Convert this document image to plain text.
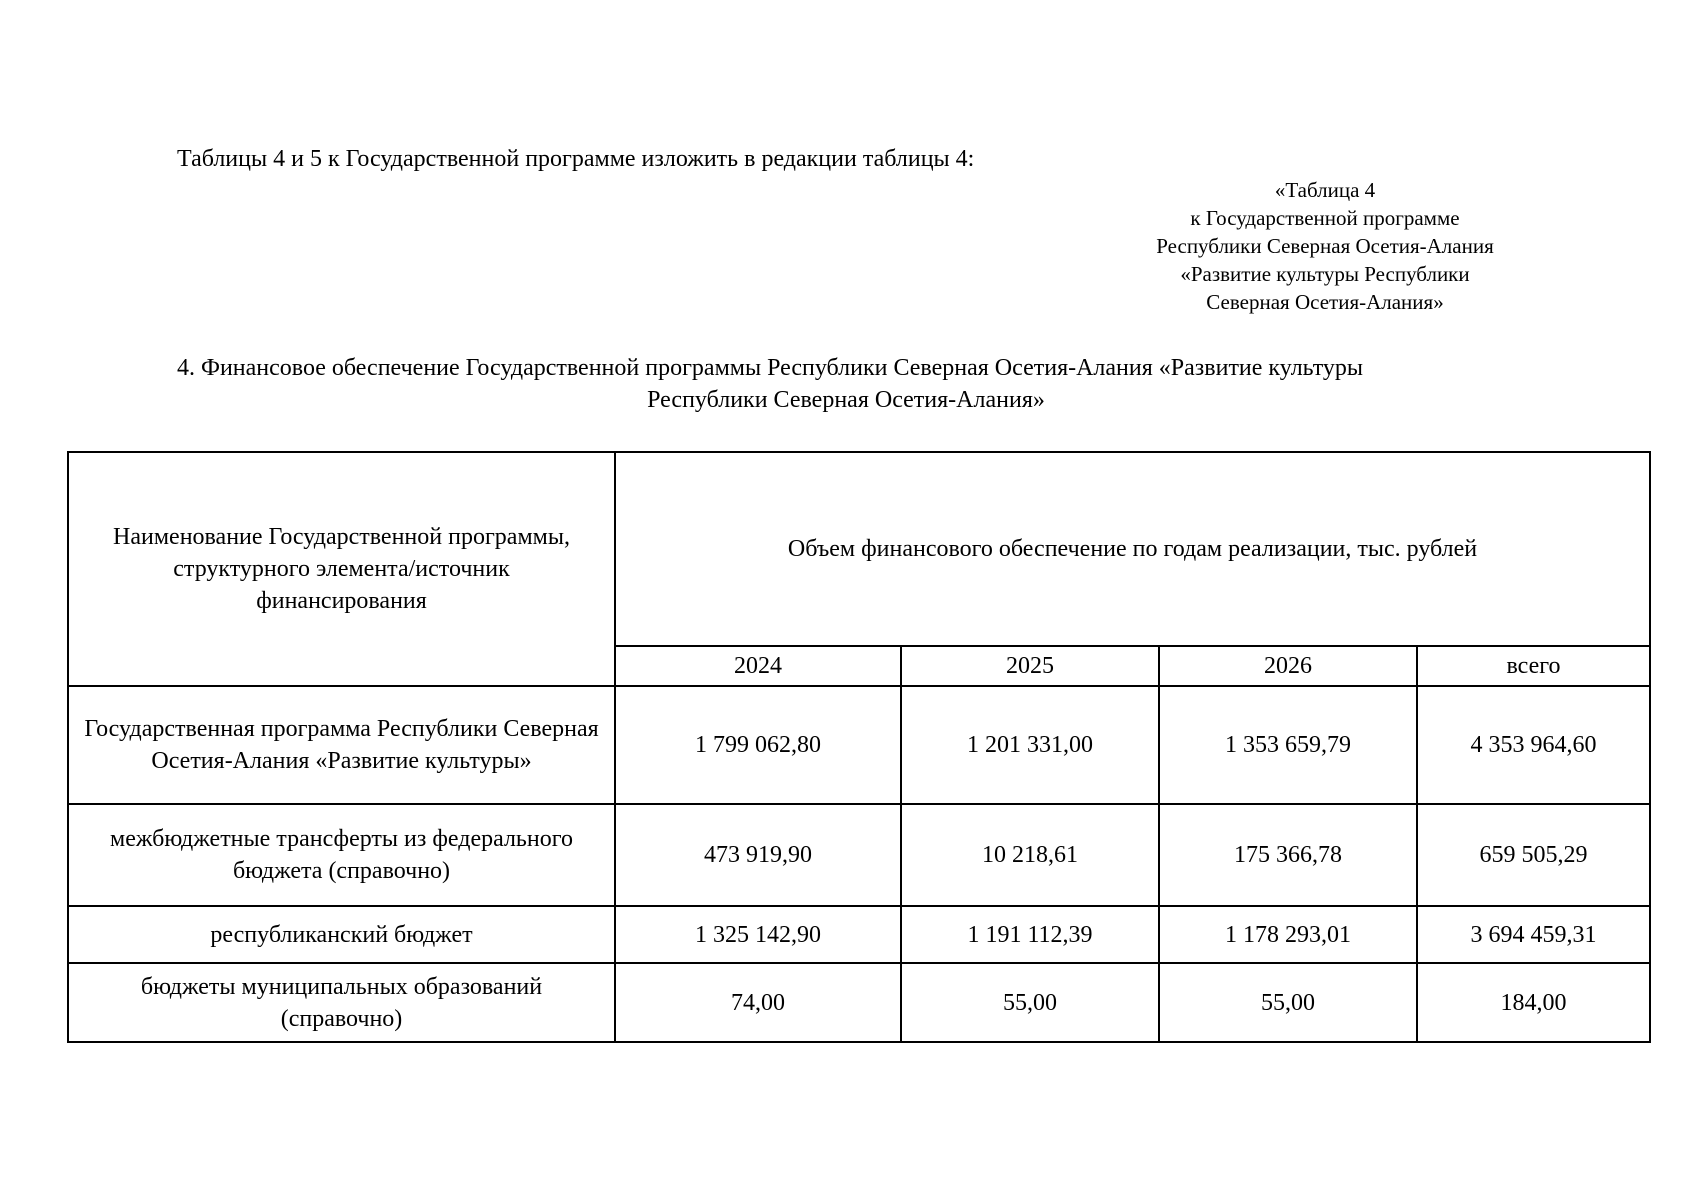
Таблицы 4 и 5 к Государственной программе изложить в редакции таблицы 4:

«Таблица 4
к Государственной программе
Республики Северная Осетия-Алания
«Развитие культуры Республики
Северная Осетия-Алания»
4. Финансовое обеспечение Государственной программы Республики Северная Осетия-Алания «Развитие культуры
Республики Северная Осетия-Алания»
Наименование Государственной программы, структурного элемента/источник финансирования	Объем финансового обеспечение по годам реализации, тыс. рублей			
	2024	2025	2026	всего
Государственная программа Республики Северная Осетия-Алания «Развитие культуры»	1 799 062,80	1 201 331,00	1 353 659,79	4 353 964,60
межбюджетные трансферты из федерального бюджета (справочно)	473 919,90	10 218,61	175 366,78	659 505,29
республиканский бюджет	1 325 142,90	1 191 112,39	1 178 293,01	3 694 459,31
бюджеты муниципальных образований (справочно)	74,00	55,00	55,00	184,00
